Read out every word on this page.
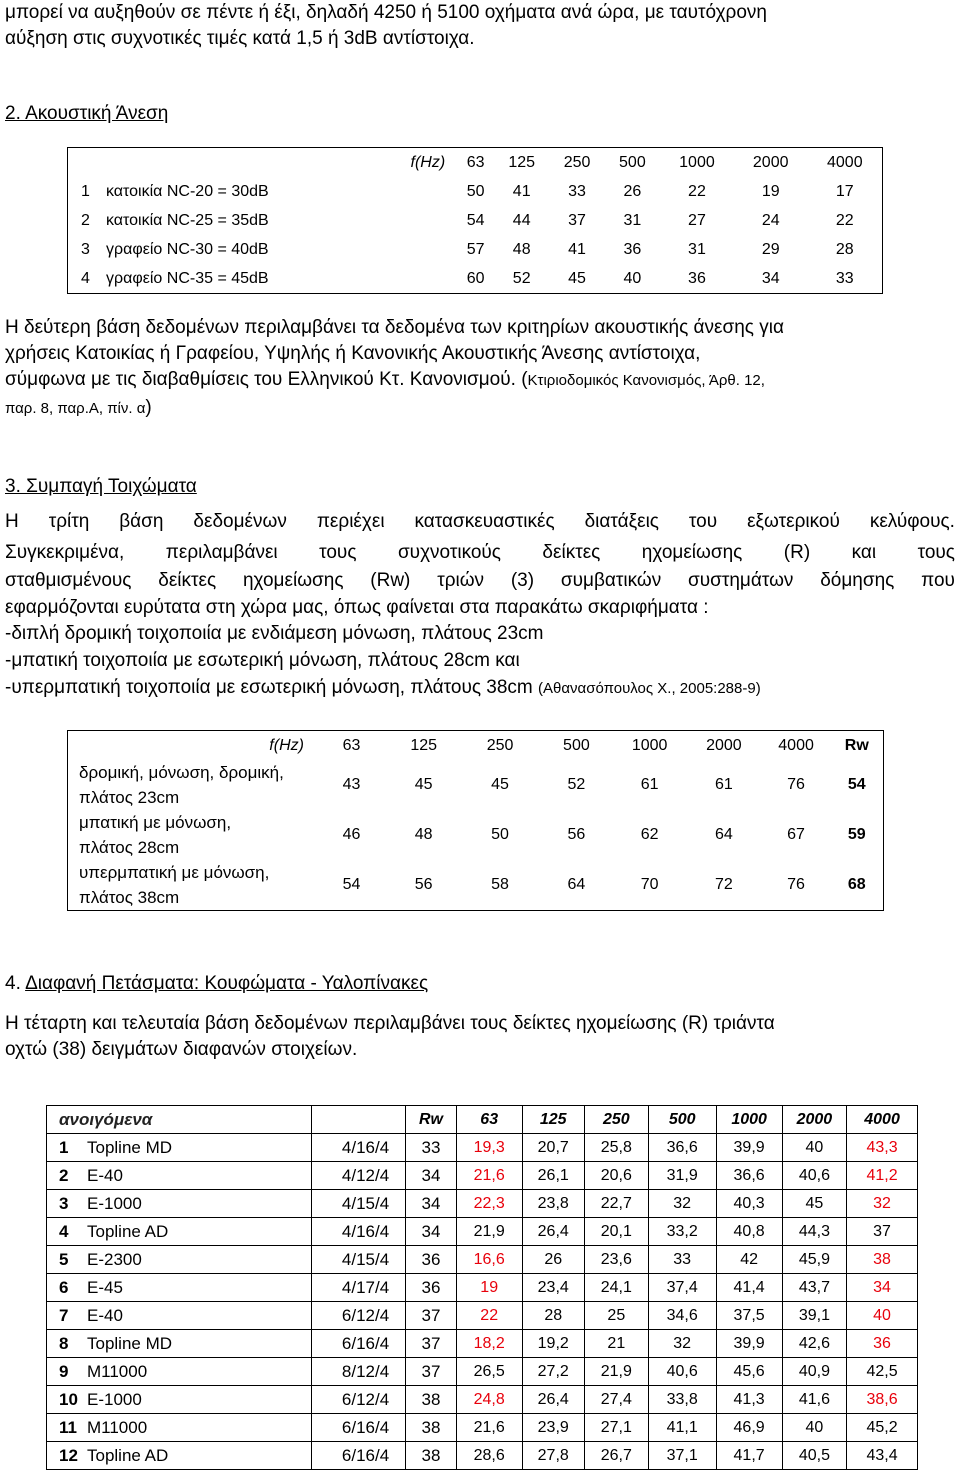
μπορεί να αυξηθούν σε πέντε ή έξι, δηλαδή 4250 ή 5100 οχήματα ανά ώρα, με ταυτόχρονη

αύξηση στις συχνοτικές τιμές κατά 1,5 ή 3dB αντίστοιχα.

2. Ακουστική Άνεση

		f(Hz)	63	125	250	500	1000	2000	4000
1	κατοικία NC-20 = 30dB		50	41	33	26	22	19	17
2	κατοικία NC-25 = 35dB		54	44	37	31	27	24	22
3	γραφείο NC-30 = 40dB		57	48	41	36	31	29	28
4	γραφείο NC-35 = 45dB		60	52	45	40	36	34	33

Η δεύτερη βάση δεδομένων περιλαμβάνει τα δεδομένα των κριτηρίων ακουστικής άνεσης για

χρήσεις Κατοικίας ή Γραφείου, Υψηλής ή Κανονικής Ακουστικής Άνεσης αντίστοιχα,

σύμφωνα με τις διαβαθμίσεις του Ελληνικού Κτ. Κανονισμού. (Κτιριοδομικός Κανονισμός, Άρθ. 12,

παρ. 8, παρ.Α, πίν. α)

3. Συμπαγή Τοιχώματα

Η τρίτη βάση δεδομένων περιέχει κατασκευαστικές διατάξεις του εξωτερικού κελύφους.
Συγκεκριμένα, περιλαμβάνει τους συχνοτικούς δείκτες ηχομείωσης (R) και τους
σταθμισμένους δείκτες ηχομείωσης (Rw) τριών (3) συμβατικών συστημάτων δόμησης που

εφαρμόζονται ευρύτατα στη χώρα μας, όπως φαίνεται στα παρακάτω σκαριφήματα :

-διπλή δρομική τοιχοποιία με ενδιάμεση μόνωση, πλάτους 23cm

-μπατική τοιχοποιία με εσωτερική μόνωση, πλάτους 28cm και

-υπερμπατική τοιχοποιία με εσωτερική μόνωση, πλάτους 38cm (Αθανασόπουλος Χ., 2005:288-9)

f(Hz)	63	125	250	500	1000	2000	4000	Rw
δρομική, μόνωση, δρομική,
πλάτος 23cm	43	45	45	52	61	61	76	54
μπατική με μόνωση,
πλάτος 28cm	46	48	50	56	62	64	67	59
υπερμπατική με μόνωση,
πλάτος 38cm	54	56	58	64	70	72	76	68

4. Διαφανή Πετάσματα: Κουφώματα - Υαλοπίνακες

Η τέταρτη και τελευταία βάση δεδομένων περιλαμβάνει τους δείκτες ηχομείωσης (R) τριάντα

οχτώ (38) δειγμάτων διαφανών στοιχείων.

ανοιγόμενα		Rw	63	125	250	500	1000	2000	4000
1 Topline MD	4/16/4	33	19,3	20,7	25,8	36,6	39,9	40	43,3
2 E-40	4/12/4	34	21,6	26,1	20,6	31,9	36,6	40,6	41,2
3 E-1000	4/15/4	34	22,3	23,8	22,7	32	40,3	45	32
4 Topline AD	4/16/4	34	21,9	26,4	20,1	33,2	40,8	44,3	37
5 E-2300	4/15/4	36	16,6	26	23,6	33	42	45,9	38
6 E-45	4/17/4	36	19	23,4	24,1	37,4	41,4	43,7	34
7 E-40	6/12/4	37	22	28	25	34,6	37,5	39,1	40
8 Topline MD	6/16/4	37	18,2	19,2	21	32	39,9	42,6	36
9 M11000	8/12/4	37	26,5	27,2	21,9	40,6	45,6	40,9	42,5
10 E-1000	6/12/4	38	24,8	26,4	27,4	33,8	41,3	41,6	38,6
11 M11000	6/16/4	38	21,6	23,9	27,1	41,1	46,9	40	45,2
12 Topline AD	6/16/4	38	28,6	27,8	26,7	37,1	41,7	40,5	43,4
